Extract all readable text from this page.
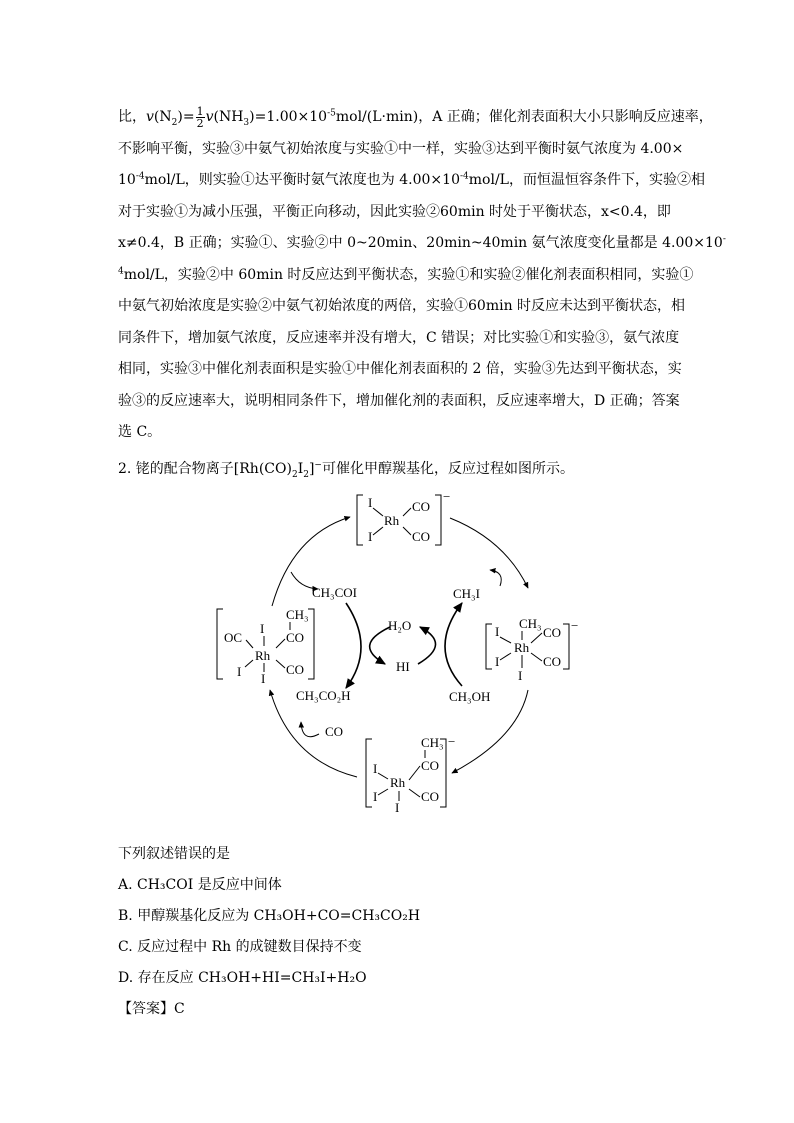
比，$v(N_2)= \frac{1}{2} v(NH_3)=1.00\times 10^{-5}mol/(L\cdot\min)$，A 正确；催化剂表面积大小只影响反应速率，
不影响平衡，实验③中氨气初始浓度与实验①中一样，实验③达到平衡时氨气浓度为 4.00×
$10^{-4}mol/L$，则实验①达平衡时氨气浓度也为 $4.00\times 10^{-4}mol/L$，而恒温恒容条件下，实验②相
对于实验①为减小压强，平衡正向移动，因此实验②60min 时处于平衡状态，x<0.4，即
x≠0.4，B 正确；实验①、实验②中 0~20min、20min~40min 氨气浓度变化量都是 4.00×10-
$^4$mol/L，实验②中 60min 时反应达到平衡状态，实验①和实验②催化剂表面积相同，实验①
中氨气初始浓度是实验②中氨气初始浓度的两倍，实验①60min 时反应未达到平衡状态，相
同条件下，增加氨气浓度，反应速率并没有增大，C 错误；对比实验①和实验③，氨气浓度
相同，实验③中催化剂表面积是实验①中催化剂表面积的 2 倍，实验③先达到平衡状态，实
验③的反应速率大，说明相同条件下，增加催化剂的表面积，反应速率增大，D 正确；答案
选 C。
2. 铑的配合物离子$[Rh(CO)_2I_2]^-$可催化甲醇羰基化，反应过程如图所示。
−
I
I
Rh
CO
CO
OC
I
Rh
I I
CH₃
CO
CO
−
I
I
Rh
CH₃
CO
CO
I
−
CH₃
CO
I
I
Rh
CO
I
CH₃COI
H₂O
HI
CH₃I
CH₃CO₂H	CH₃OH
CO
下列叙述错误的是
A. CH₃COI 是反应中间体
B. 甲醇羰基化反应为 CH₃OH+CO=CH₃CO₂H
C. 反应过程中 Rh 的成键数目保持不变
D. 存在反应 CH₃OH+HI=CH₃I+H₂O
【答案】C
